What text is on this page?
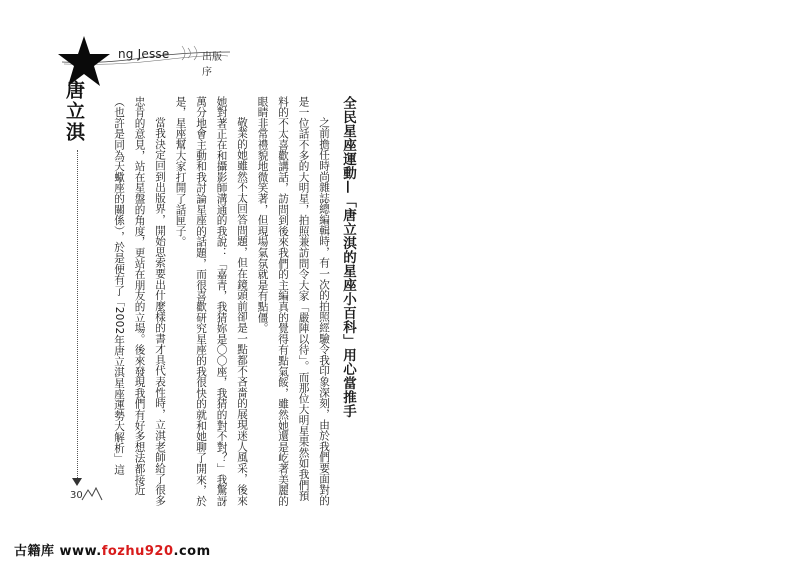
ng Jesse	出版序
唐立淇
30
全民星座運動—「唐立淇的星座小百科」用心當推手

之前擔任時尚雜誌總編輯時，有一次的拍照經驗令我印象深刻，由於我們要面對的是一位話不多的大明星，拍照兼訪問令大家「嚴陣以待」。而那位大明星果然如我們預料的不太喜歡講話，訪問到後來我們的主編真的覺得有點氣餒，雖然她還是屹著美麗的眼睛非常禮貌地微笑著，但現場氣氛就是有點僵。

敬業的她雖然不太回答問題，但在鏡頭前卻是一點都不吝嗇的展現迷人風采，後來她對著正在和攝影師溝通的我說：「嘉青，我猜妳是〇〇座，我猜的對不對？」我驚訝萬分地會主動和我討論星座的話題，而很喜歡研究星座的我很快的就和她聊了開來，於是，星座幫大家打開了話匣子。

當我決定回到出版界，開始思索要出什麼樣的書才具代表性時，立淇老師給了很多忠肯的意見，站在星盤的角度，更站在朋友的立場。後來發現我們有好多想法都接近（也許是同為天蠍座的關係），於是便有了「2002年唐立淇星座運勢大解析」這

古籍库 www.fozhu920.com
